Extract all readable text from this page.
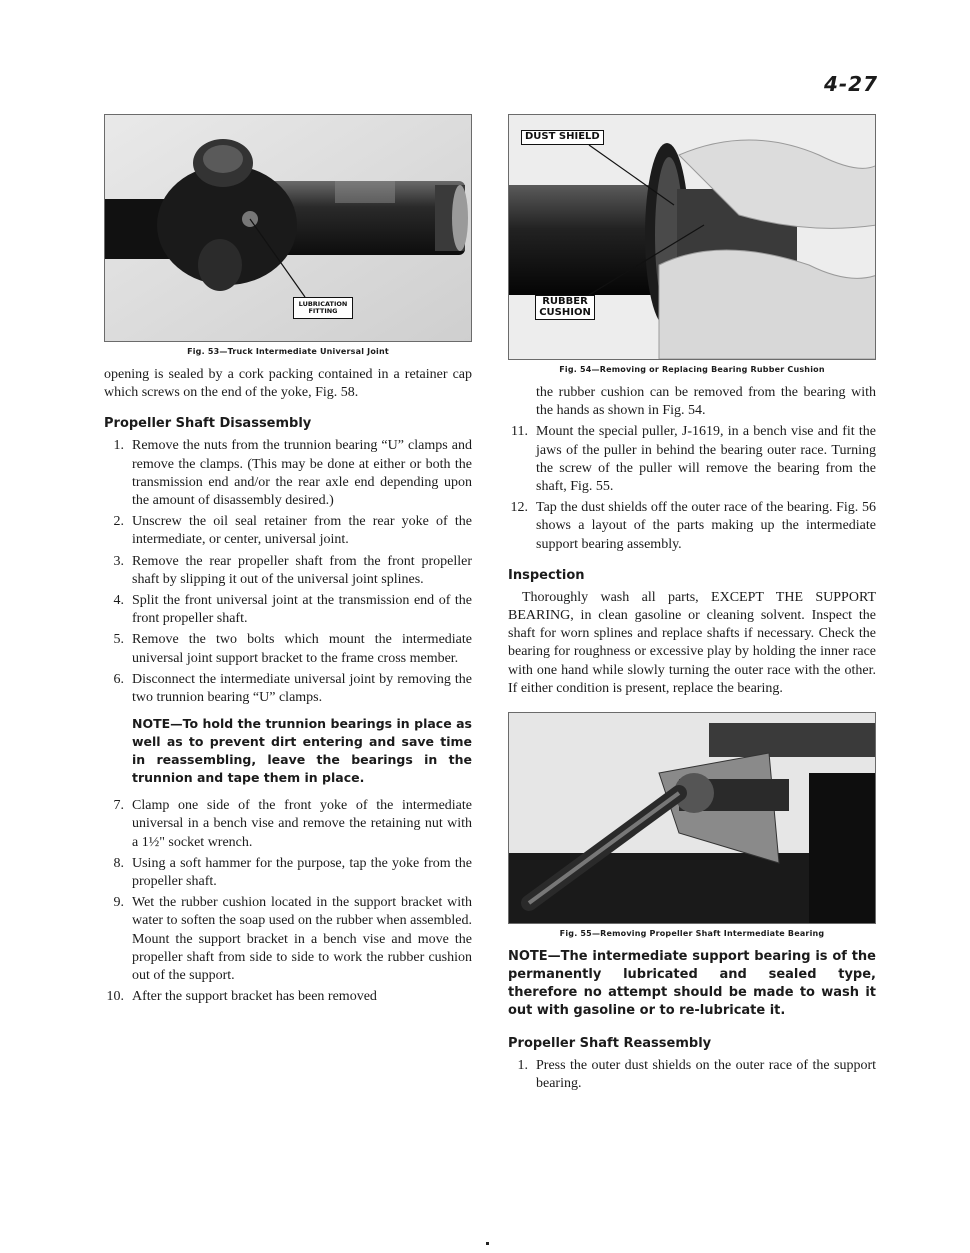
4-27
LUBRICATION FITTING
Fig. 53—Truck Intermediate Universal Joint

opening is sealed by a cork packing contained in a retainer cap which screws on the end of the yoke, Fig. 58.

Propeller Shaft Disassembly
1. Remove the nuts from the trunnion bearing “U” clamps and remove the clamps. (This may be done at either or both the transmission end and/or the rear axle end depending upon the amount of disassembly desired.)
2. Unscrew the oil seal retainer from the rear yoke of the intermediate, or center, universal joint.
3. Remove the rear propeller shaft from the front propeller shaft by slipping it out of the universal joint splines.
4. Split the front universal joint at the transmission end of the front propeller shaft.
5. Remove the two bolts which mount the intermediate universal joint support bracket to the frame cross member.
6. Disconnect the intermediate universal joint by removing the two trunnion bearing “U” clamps.
NOTE—To hold the trunnion bearings in place as well as to prevent dirt entering and save time in reassembling, leave the bearings in the trunnion and tape them in place.
7. Clamp one side of the front yoke of the intermediate universal in a bench vise and remove the retaining nut with a 1½" socket wrench.
8. Using a soft hammer for the purpose, tap the yoke from the propeller shaft.
9. Wet the rubber cushion located in the support bracket with water to soften the soap used on the rubber when assembled. Mount the support bracket in a bench vise and move the propeller shaft from side to side to work the rubber cushion out of the support.
10. After the support bracket has been removed
DUST SHIELD
RUBBER CUSHION
Fig. 54—Removing or Replacing Bearing Rubber Cushion

the rubber cushion can be removed from the bearing with the hands as shown in Fig. 54.

11. Mount the special puller, J-1619, in a bench vise and fit the jaws of the puller in behind the bearing outer race. Turning the screw of the puller will remove the bearing from the shaft, Fig. 55.
12. Tap the dust shields off the outer race of the bearing. Fig. 56 shows a layout of the parts making up the intermediate support bearing assembly.
Inspection

Thoroughly wash all parts, EXCEPT THE SUPPORT BEARING, in clean gasoline or cleaning solvent. Inspect the shaft for worn splines and replace shafts if necessary. Check the bearing for roughness or excessive play by holding the inner race with one hand while slowly turning the outer race with the other. If either condition is present, replace the bearing.

Fig. 55—Removing Propeller Shaft Intermediate Bearing
NOTE—The intermediate support bearing is of the permanently lubricated and sealed type, therefore no attempt should be made to wash it out with gasoline or to re-lubricate it.
Propeller Shaft Reassembly
1. Press the outer dust shields on the outer race of the support bearing.
